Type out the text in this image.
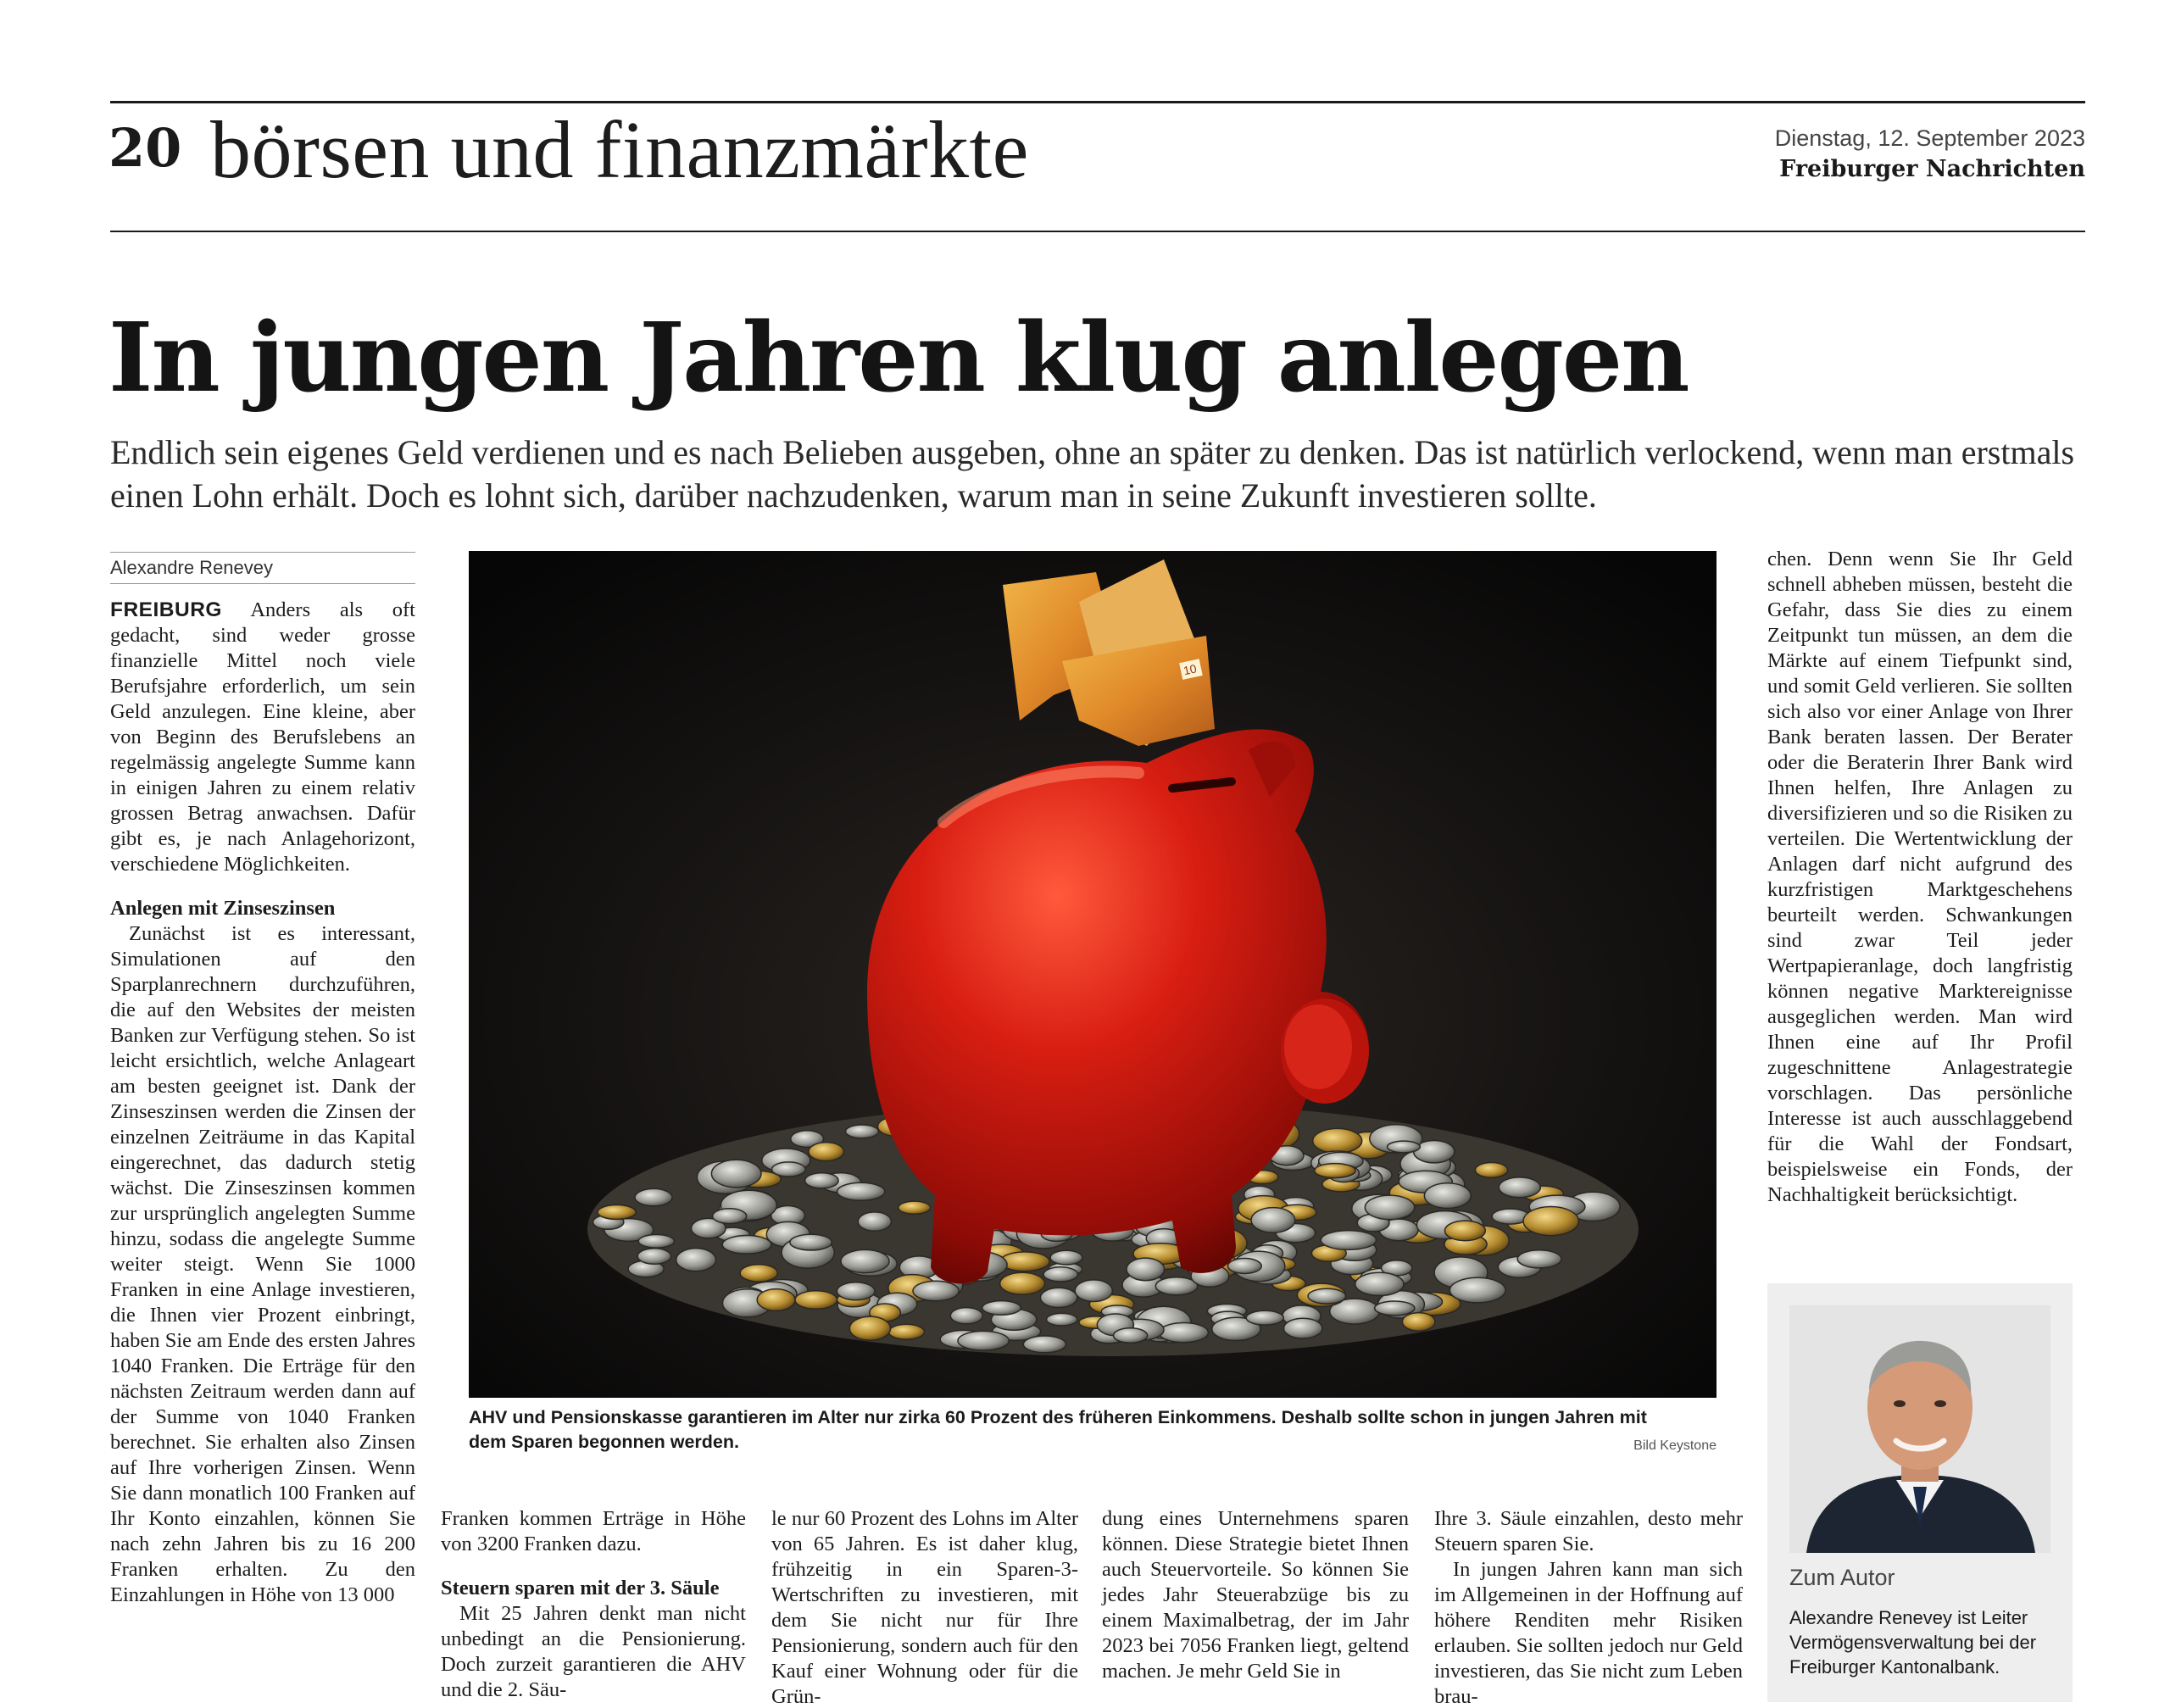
20 börsen und finanzmärkte	Dienstag, 12. September 2023
Freiburger Nachrichten
In jungen Jahren klug anlegen

Endlich sein eigenes Geld verdienen und es nach Belieben ausgeben, ohne an später zu denken. Das ist natürlich verlockend, wenn man erstmals einen Lohn erhält. Doch es lohnt sich, darüber nachzudenken, warum man in seine Zukunft investieren sollte.

Alexandre Renevey

FREIBURG Anders als oft gedacht, sind weder grosse finanzielle Mittel noch viele Berufsjahre erforderlich, um sein Geld anzulegen. Eine kleine, aber von Beginn des Berufslebens an regelmässig angelegte Summe kann in einigen Jahren zu einem relativ grossen Betrag anwachsen. Dafür gibt es, je nach Anlagehorizont, verschiedene Möglichkeiten.

Anlegen mit Zinseszinsen

Zunächst ist es interessant, Simulationen auf den Sparplanrechnern durchzuführen, die auf den Websites der meisten Banken zur Verfügung stehen. So ist leicht ersichtlich, welche Anlageart am besten geeignet ist. Dank der Zinseszinsen werden die Zinsen der einzelnen Zeiträume in das Kapital eingerechnet, das dadurch stetig wächst. Die Zinseszinsen kommen zur ursprünglich angelegten Summe hinzu, sodass die angelegte Summe weiter steigt. Wenn Sie 1000 Franken in eine Anlage investieren, die Ihnen vier Prozent einbringt, haben Sie am Ende des ersten Jahres 1040 Franken. Die Erträge für den nächsten Zeitraum werden dann auf der Summe von 1040 Franken berechnet. Sie erhalten also Zinsen auf Ihre vorherigen Zinsen. Wenn Sie dann monatlich 100 Franken auf Ihr Konto einzahlen, können Sie nach zehn Jahren bis zu 16 200 Franken erhalten. Zu den Einzahlungen in Höhe von 13 000

10
AHV und Pensionskasse garantieren im Alter nur zirka 60 Prozent des früheren Einkommens. Deshalb sollte schon in jungen Jahren mit dem Sparen begonnen werden.	Bild Keystone

Franken kommen Erträge in Höhe von 3200 Franken dazu.

Steuern sparen mit der 3. Säule

Mit 25 Jahren denkt man nicht unbedingt an die Pensionierung. Doch zurzeit garantieren die AHV und die 2. Säu-

le nur 60 Prozent des Lohns im Alter von 65 Jahren. Es ist daher klug, frühzeitig in ein Sparen-3-Wertschriften zu investieren, mit dem Sie nicht nur für Ihre Pensionierung, sondern auch für den Kauf einer Wohnung oder für die Grün-

dung eines Unternehmens sparen können. Diese Strategie bietet Ihnen auch Steuervorteile. So können Sie jedes Jahr Steuerabzüge bis zu einem Maximalbetrag, der im Jahr 2023 bei 7056 Franken liegt, geltend machen. Je mehr Geld Sie in

Ihre 3. Säule einzahlen, desto mehr Steuern sparen Sie.

In jungen Jahren kann man sich im Allgemeinen in der Hoffnung auf höhere Renditen mehr Risiken erlauben. Sie sollten jedoch nur Geld investieren, das Sie nicht zum Leben brau-

chen. Denn wenn Sie Ihr Geld schnell abheben müssen, besteht die Gefahr, dass Sie dies zu einem Zeitpunkt tun müssen, an dem die Märkte auf einem Tiefpunkt sind, und somit Geld verlieren. Sie sollten sich also vor einer Anlage von Ihrer Bank beraten lassen. Der Berater oder die Beraterin Ihrer Bank wird Ihnen helfen, Ihre Anlagen zu diversifizieren und so die Risiken zu verteilen. Die Wertentwicklung der Anlagen darf nicht aufgrund des kurzfristigen Marktgeschehens beurteilt werden. Schwankungen sind zwar Teil jeder Wertpapieranlage, doch langfristig können negative Marktereignisse ausgeglichen werden. Man wird Ihnen eine auf Ihr Profil zugeschnittene Anlagestrategie vorschlagen. Das persönliche Interesse ist auch ausschlaggebend für die Wahl der Fondsart, beispielsweise ein Fonds, der Nachhaltigkeit berücksichtigt.

Zum Autor
Alexandre Renevey ist Leiter Vermögensverwaltung bei der Freiburger Kantonalbank.
